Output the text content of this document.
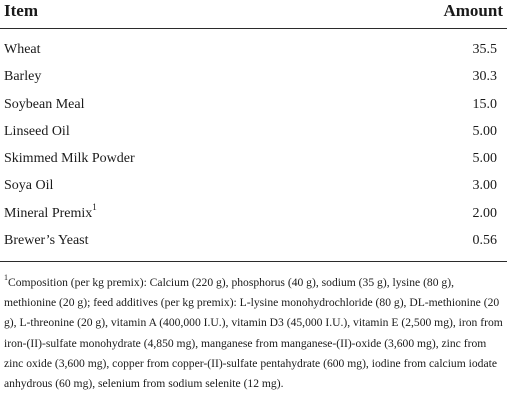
Item	Amount
Wheat	35.5
Barley	30.3
Soybean Meal	15.0
Linseed Oil	5.00
Skimmed Milk Powder	5.00
Soya Oil	3.00
Mineral Premix$^1$	2.00
Brewer’s Yeast	0.56
$^1$Composition (per kg premix): Calcium (220 g), phosphorus (40 g), sodium (35 g), lysine (80 g), methionine (20 g); feed additives (per kg premix): L-lysine monohydrochloride (80 g), DL-methionine (20 g), L-threonine (20 g), vitamin A (400,000 I.U.), vitamin D3 (45,000 I.U.), vitamin E (2,500 mg), iron from iron-(II)-sulfate monohydrate (4,850 mg), manganese from manganese-(II)-oxide (3,600 mg), zinc from zinc oxide (3,600 mg), copper from copper-(II)-sulfate pentahydrate (600 mg), iodine from calcium iodate anhydrous (60 mg), selenium from sodium selenite (12 mg).
